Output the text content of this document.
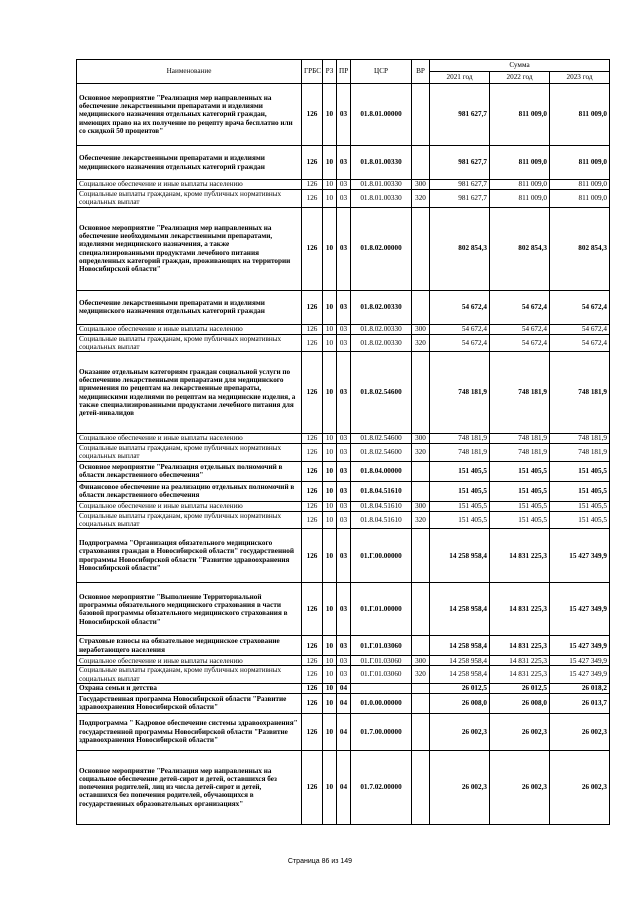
Наименование	ГРБС	РЗ	ПР	ЦСР	ВР	Сумма		
						2021 год	2022 год	2023 год
Основное мероприятие "Реализация мер направленных на обеспечение лекарственными препаратами и изделиями медицинского назначения отдельных категорий граждан, имеющих право на их получение по рецепту врача бесплатно или со скидкой 50 процентов"	126	10	03	01.8.01.00000		981 627,7	811 009,0	811 009,0
Обеспечение лекарственными препаратами и изделиями медицинского назначения отдельных категорий граждан	126	10	03	01.8.01.00330		981 627,7	811 009,0	811 009,0
Социальное обеспечение и иные выплаты населению	126	10	03	01.8.01.00330	300	981 627,7	811 009,0	811 009,0
Социальные выплаты гражданам, кроме публичных нормативных социальных выплат	126	10	03	01.8.01.00330	320	981 627,7	811 009,0	811 009,0
Основное мероприятие "Реализация мер направленных на обеспечение необходимыми лекарственными препаратами, изделиями медицинского назначения, а также специализированными продуктами лечебного питания определенных категорий граждан, проживающих на территории Новосибирской области"	126	10	03	01.8.02.00000		802 854,3	802 854,3	802 854,3
Обеспечение лекарственными препаратами и изделиями медицинского назначения отдельных категорий граждан	126	10	03	01.8.02.00330		54 672,4	54 672,4	54 672,4
Социальное обеспечение и иные выплаты населению	126	10	03	01.8.02.00330	300	54 672,4	54 672,4	54 672,4
Социальные выплаты гражданам, кроме публичных нормативных социальных выплат	126	10	03	01.8.02.00330	320	54 672,4	54 672,4	54 672,4
Оказание отдельным категориям граждан социальной услуги по обеспечению лекарственными препаратами для медицинского применения по рецептам на лекарственные препараты, медицинскими изделиями по рецептам на медицинские изделия, а также специализированными продуктами лечебного питания для детей-инвалидов	126	10	03	01.8.02.54600		748 181,9	748 181,9	748 181,9
Социальное обеспечение и иные выплаты населению	126	10	03	01.8.02.54600	300	748 181,9	748 181,9	748 181,9
Социальные выплаты гражданам, кроме публичных нормативных социальных выплат	126	10	03	01.8.02.54600	320	748 181,9	748 181,9	748 181,9
Основное мероприятие "Реализация отдельных полномочий в области лекарственного обеспечения"	126	10	03	01.8.04.00000		151 405,5	151 405,5	151 405,5
Финансовое обеспечение на реализацию отдельных полномочий в области лекарственного обеспечения	126	10	03	01.8.04.51610		151 405,5	151 405,5	151 405,5
Социальное обеспечение и иные выплаты населению	126	10	03	01.8.04.51610	300	151 405,5	151 405,5	151 405,5
Социальные выплаты гражданам, кроме публичных нормативных социальных выплат	126	10	03	01.8.04.51610	320	151 405,5	151 405,5	151 405,5
Подпрограмма "Организация обязательного медицинского страхования граждан в Новосибирской области" государственной программы Новосибирской области "Развитие здравоохранения Новосибирской области"	126	10	03	01.Г.00.00000		14 258 958,4	14 831 225,3	15 427 349,9
Основное мероприятие "Выполнение Территориальной программы обязательного медицинского страхования в части базовой программы обязательного медицинского страхования в Новосибирской области"	126	10	03	01.Г.01.00000		14 258 958,4	14 831 225,3	15 427 349,9
Страховые взносы на обязательное медицинское страхование неработающего населения	126	10	03	01.Г.01.03060		14 258 958,4	14 831 225,3	15 427 349,9
Социальное обеспечение и иные выплаты населению	126	10	03	01.Г.01.03060	300	14 258 958,4	14 831 225,3	15 427 349,9
Социальные выплаты гражданам, кроме публичных нормативных социальных выплат	126	10	03	01.Г.01.03060	320	14 258 958,4	14 831 225,3	15 427 349,9
Охрана семьи и детства	126	10	04			26 012,5	26 012,5	26 018,2
Государственная программа Новосибирской области "Развитие здравоохранения Новосибирской области"	126	10	04	01.0.00.00000		26 008,0	26 008,0	26 013,7
Подпрограмма " Кадровое обеспечение системы здравоохранения" государственной программы Новосибирской области "Развитие здравоохранения Новосибирской области"	126	10	04	01.7.00.00000		26 002,3	26 002,3	26 002,3
Основное мероприятие "Реализация мер направленных на социальное обеспечение детей-сирот и детей, оставшихся без попечения родителей, лиц из числа детей-сирот и детей, оставшихся без попечения родителей, обучающихся в государственных образовательных организациях"	126	10	04	01.7.02.00000		26 002,3	26 002,3	26 002,3
Страница 86 из 149
